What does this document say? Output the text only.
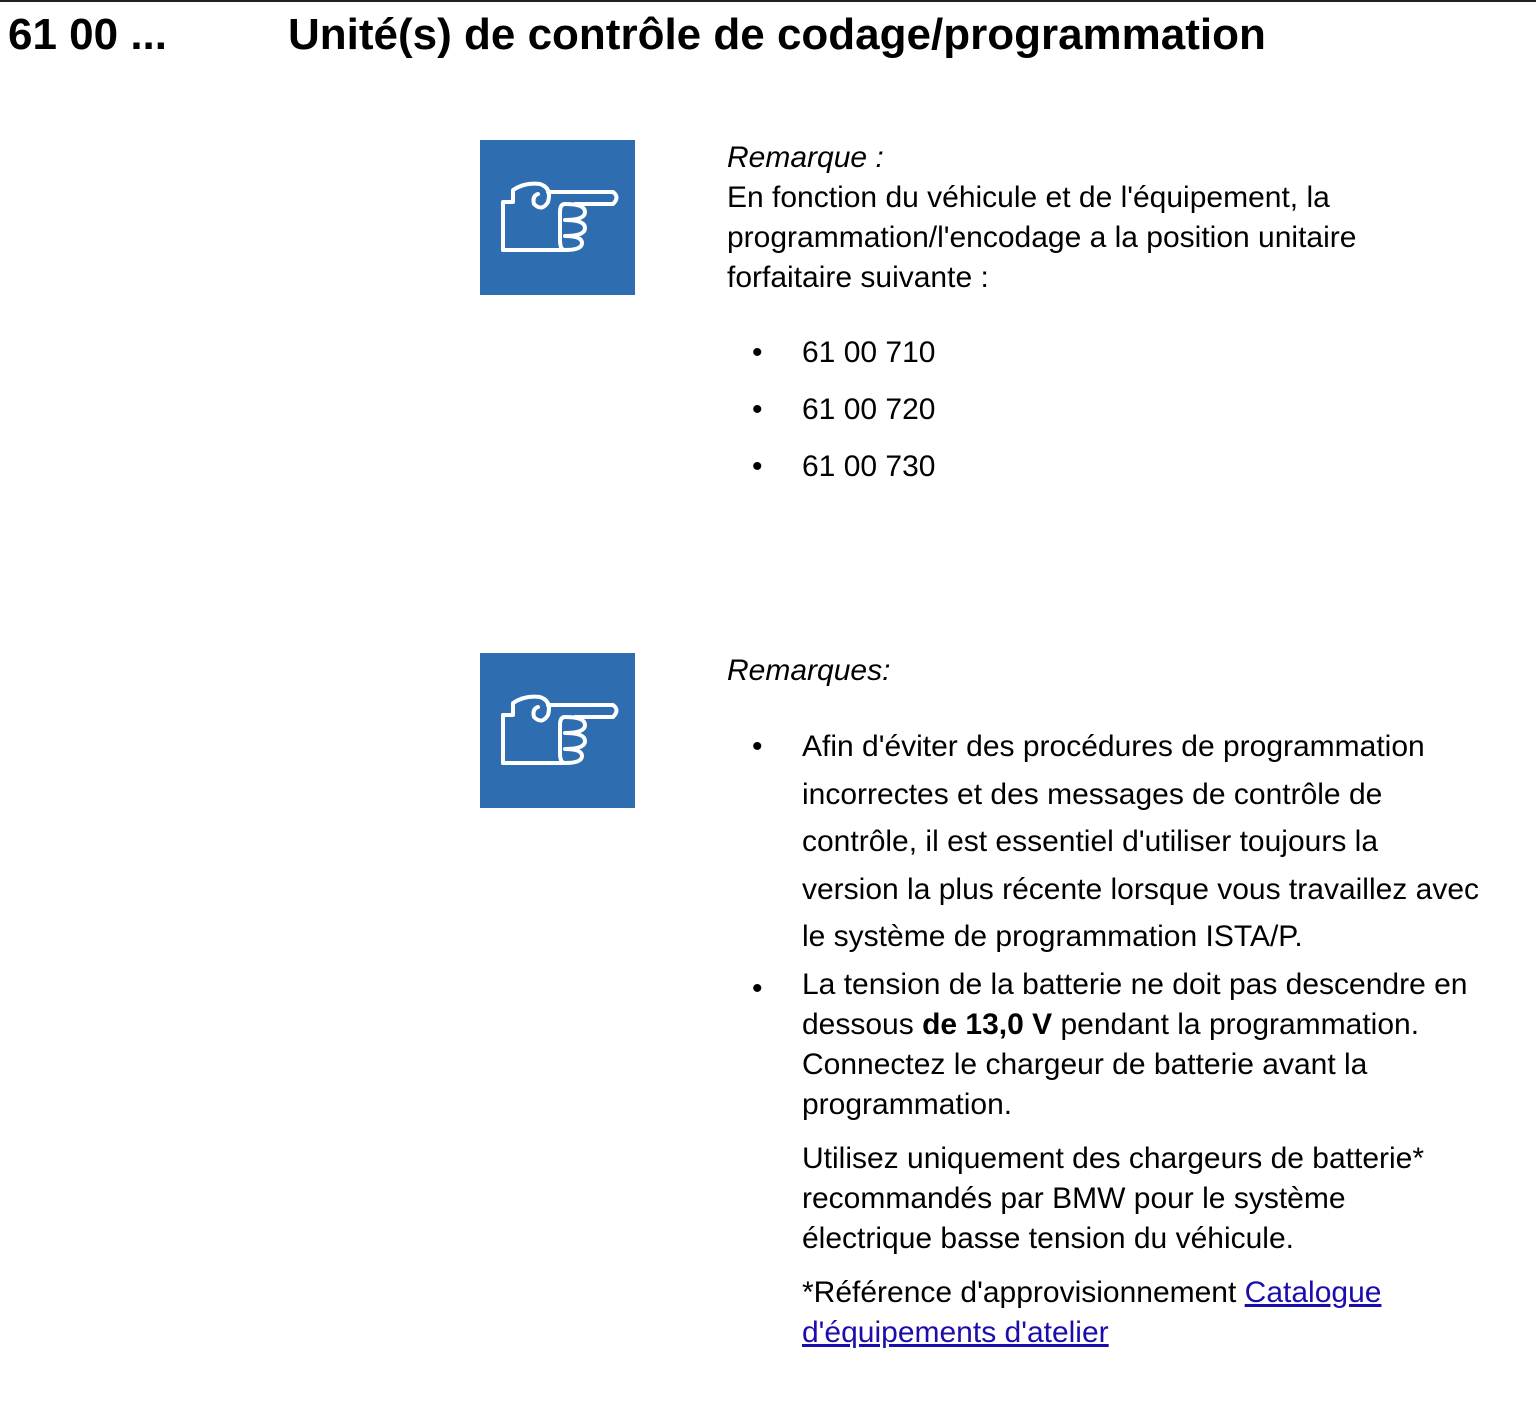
61 00 ...	Unité(s) de contrôle de codage/programmation
Remarque :
En fonction du véhicule et de l'équipement, la programmation/l'encodage a la position unitaire forfaitaire suivante :
• 61 00 710
• 61 00 720
• 61 00 730
Remarques:
• Afin d'éviter des procédures de programmation incorrectes et des messages de contrôle de contrôle, il est essentiel d'utiliser toujours la version la plus récente lorsque vous travaillez avec le système de programmation ISTA/P.
• La tension de la batterie ne doit pas descendre en dessous de 13,0 V pendant la programmation. Connectez le chargeur de batterie avant la programmation.

Utilisez uniquement des chargeurs de batterie* recommandés par BMW pour le système électrique basse tension du véhicule.

*Référence d'approvisionnement Catalogue d'équipements d'atelier
